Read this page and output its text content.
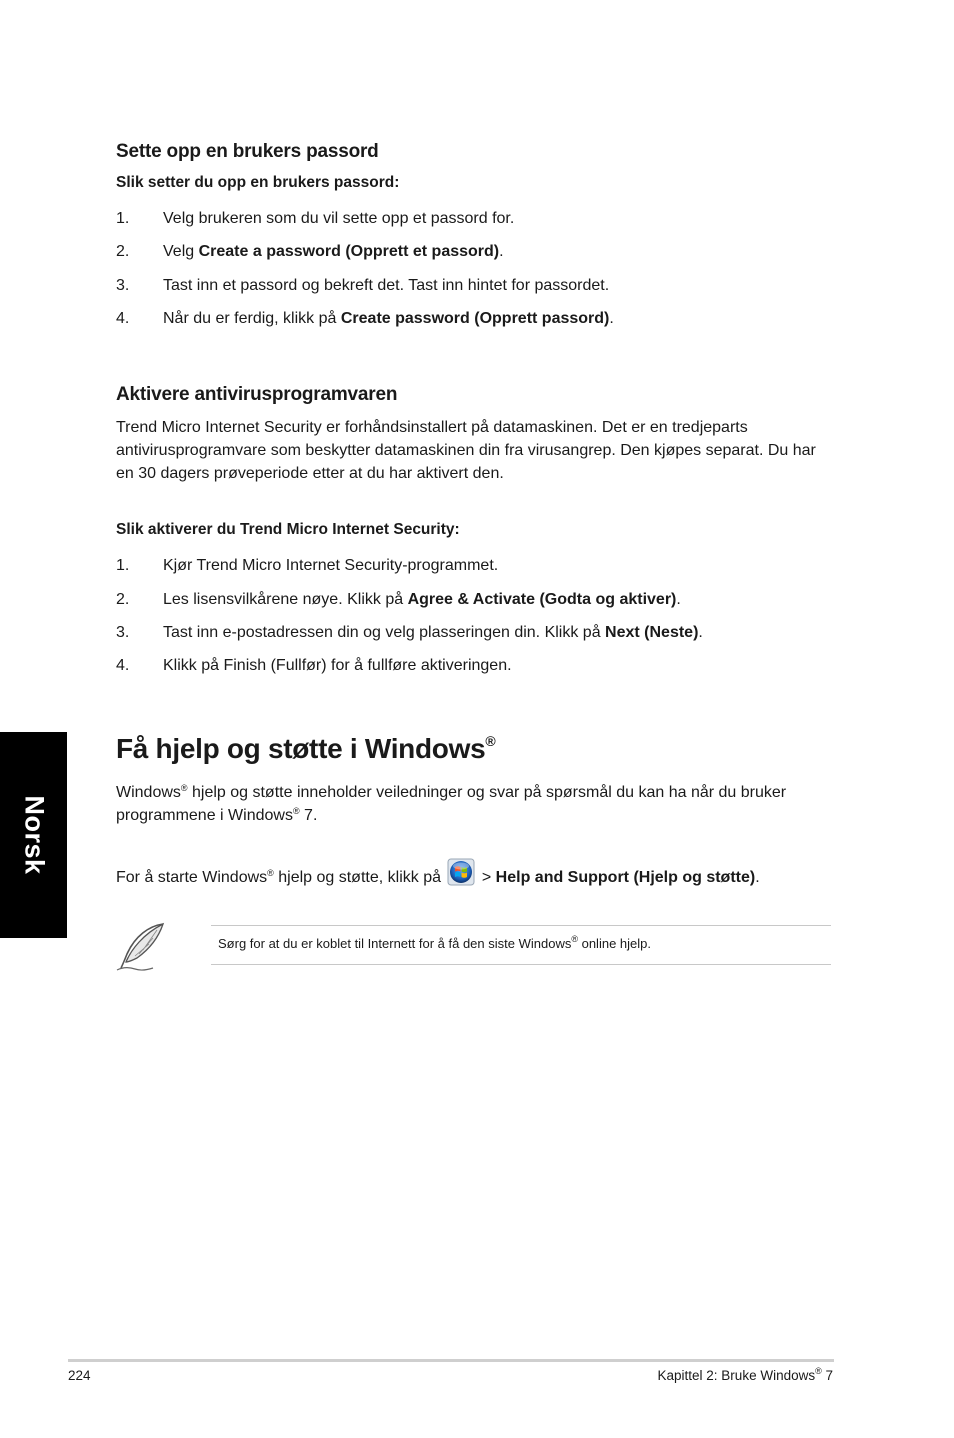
Sette opp en brukers passord
Slik setter du opp en brukers passord:
1. Velg brukeren som du vil sette opp et passord for.
2. Velg Create a password (Opprett et passord).
3. Tast inn et passord og bekreft det. Tast inn hintet for passordet.
4. Når du er ferdig, klikk på Create password (Opprett passord).
Aktivere antivirusprogramvaren
Trend Micro Internet Security er forhåndsinstallert på datamaskinen. Det er en tredjeparts antivirusprogramvare som beskytter datamaskinen din fra virusangrep. Den kjøpes separat. Du har en 30 dagers prøveperiode etter at du har aktivert den.
Slik aktiverer du Trend Micro Internet Security:
1. Kjør Trend Micro Internet Security-programmet.
2. Les lisensvilkårene nøye. Klikk på Agree & Activate (Godta og aktiver).
3. Tast inn e-postadressen din og velg plasseringen din. Klikk på Next (Neste).
4. Klikk på Finish (Fullfør) for å fullføre aktiveringen.
Norsk
Få hjelp og støtte i Windows®
Windows® hjelp og støtte inneholder veiledninger og svar på spørsmål du kan ha når du bruker programmene i Windows® 7.
For å starte Windows® hjelp og støtte, klikk på  > Help and Support (Hjelp og støtte).
Sørg for at du er koblet til Internett for å få den siste Windows® online hjelp.
224	Kapittel 2: Bruke Windows® 7
